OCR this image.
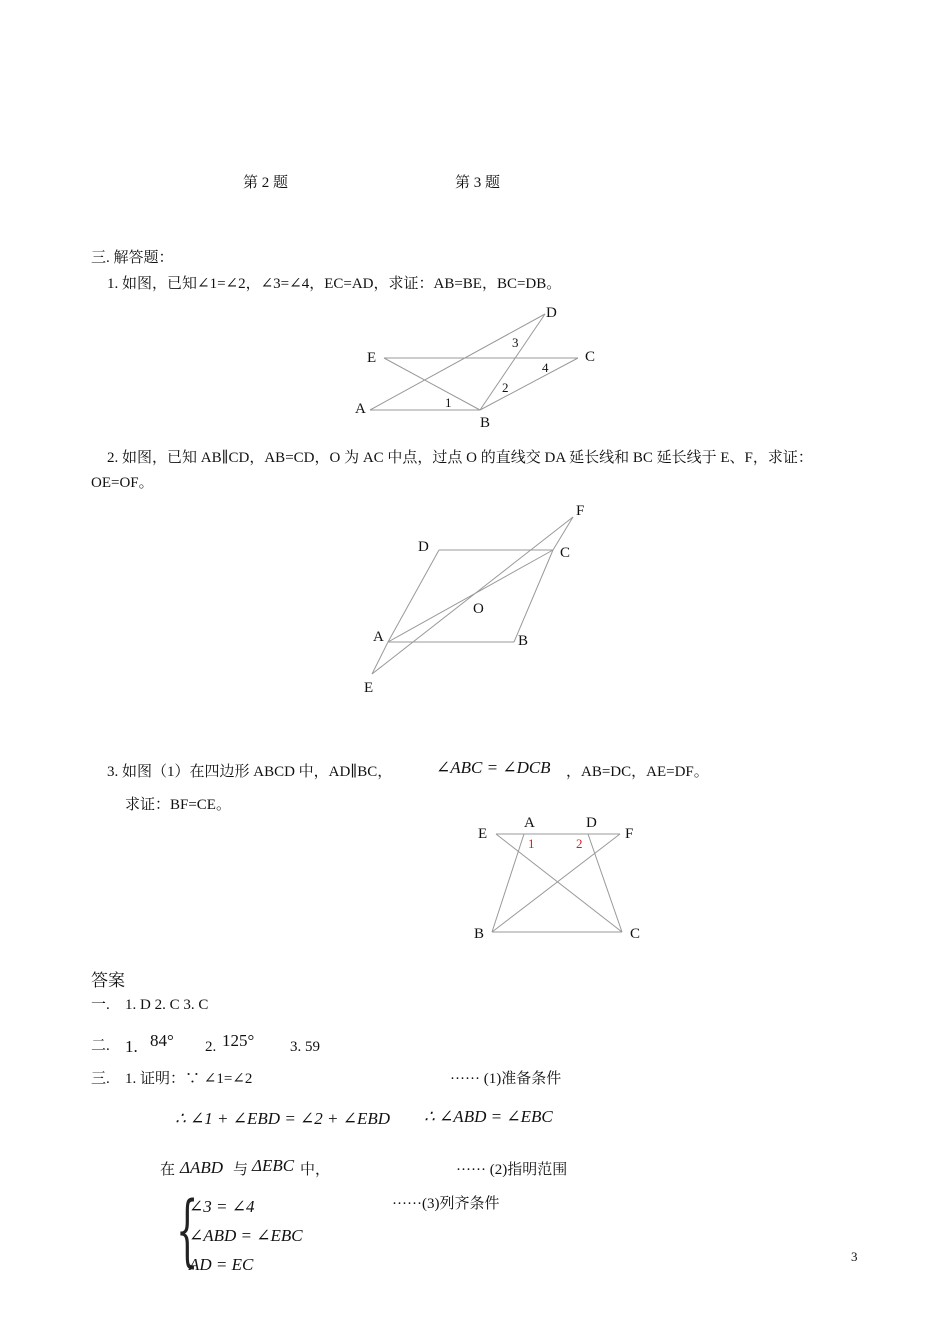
第 2 题	第 3 题
三. 解答题：
1. 如图，已知∠1=∠2，∠3=∠4，EC=AD，求证：AB=BE，BC=DB。
A
B
C
D
E
1
2
3
4
2. 如图，已知 AB∥CD，AB=CD，O 为 AC 中点，过点 O 的直线交 DA 延长线和 BC 延长线于 E、F，求证：
OE=OF。
A	B
C
D
E
F
O
3. 如图（1）在四边形 ABCD 中，AD∥BC，	∠ABC = ∠DCB ，AB=DC，AE=DF。
求证：BF=CE。
A	D
E	F
B	C
1	2
答案
一. 1. D 2. C 3. C
二. 1. 84° 2. 125° 3. 59
三. 1. 证明：∵ ∠1=∠2	······ (1)准备条件
∴ ∠1 + ∠EBD = ∠2 + ∠EBD ∴ ∠ABD = ∠EBC
在 ΔABD 与 ΔEBC 中，	······ (2)指明范围
{
∠3 = ∠4
∠ABD = ∠EBC
AD = EC
······(3)列齐条件
3
